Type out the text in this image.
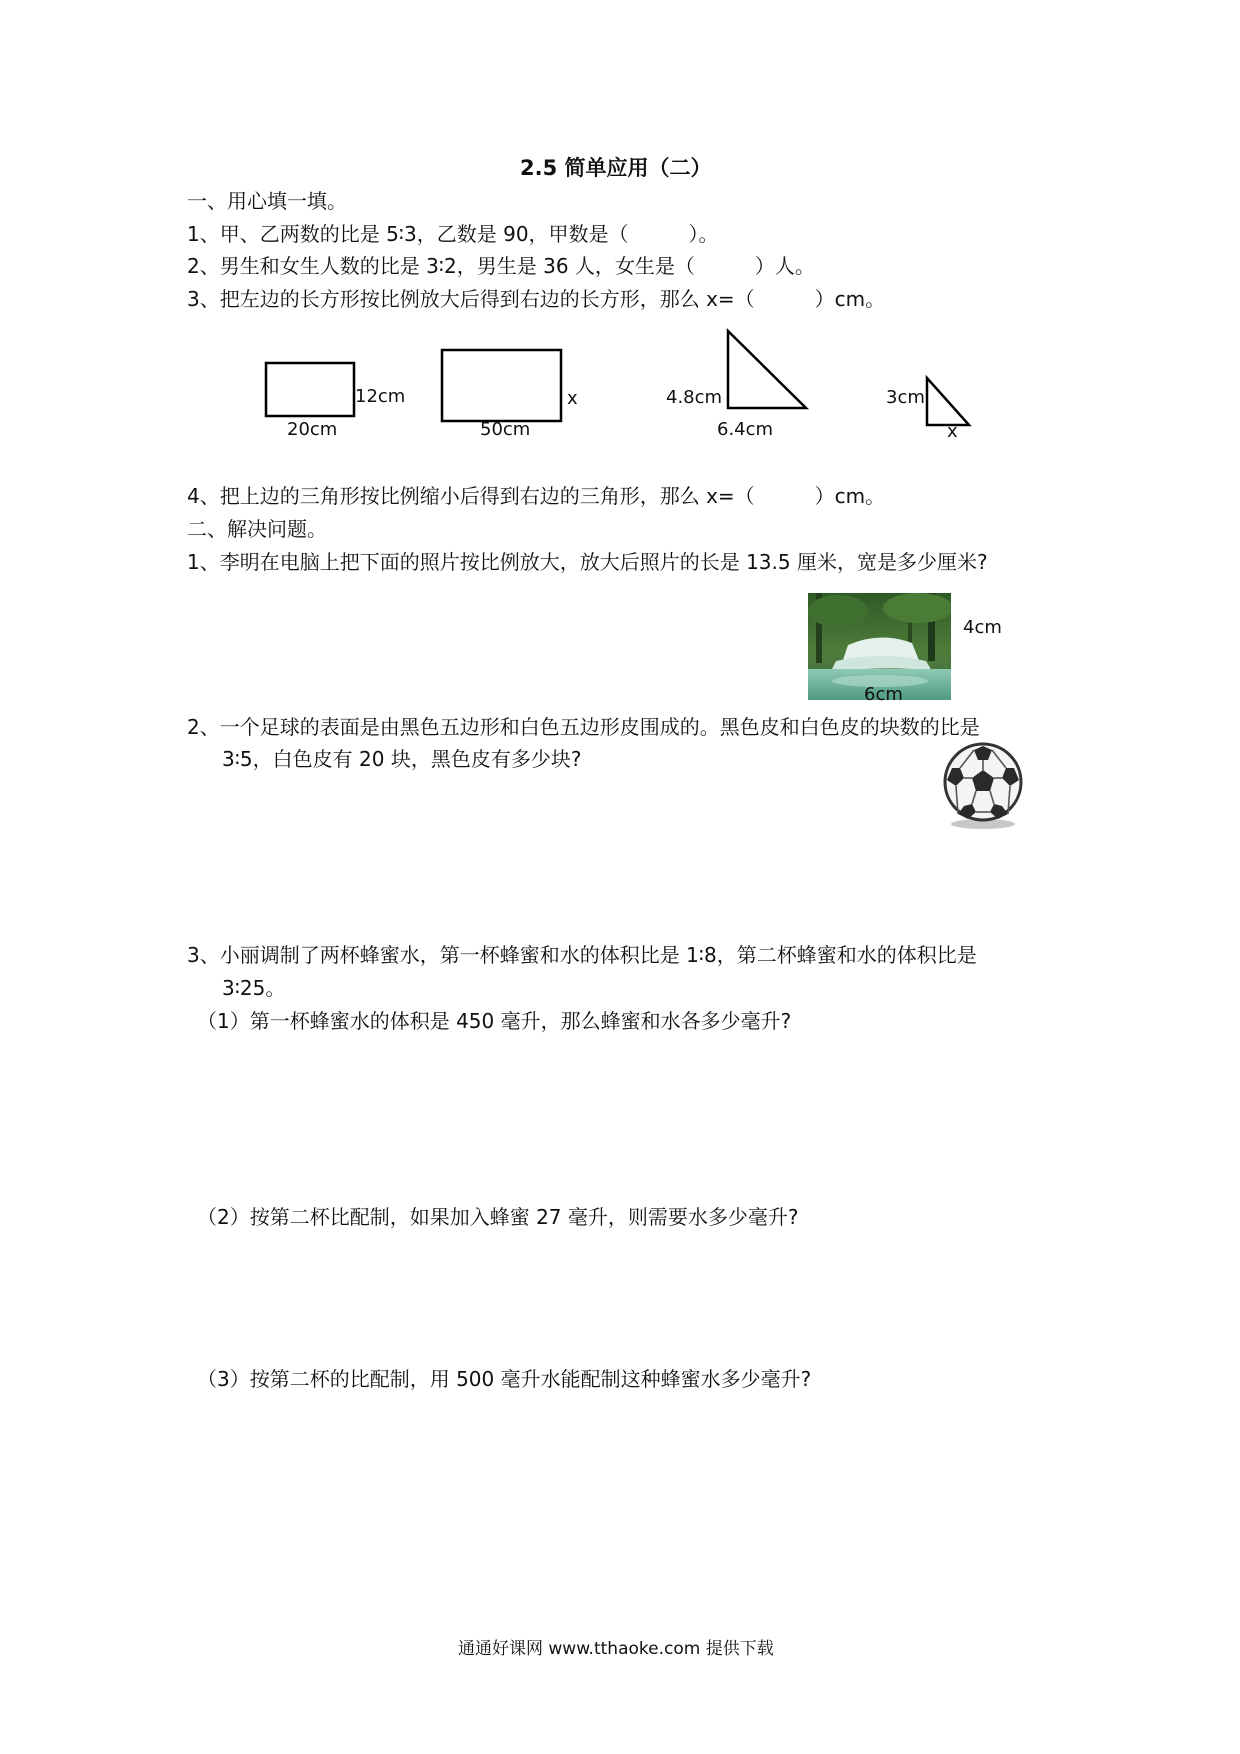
2.5 简单应用（二）
一、用心填一填。
1、甲、乙两数的比是 5∶3，乙数是 90，甲数是（　　　）。
2、男生和女生人数的比是 3∶2，男生是 36 人，女生是（　　　）人。
3、把左边的长方形按比例放大后得到右边的长方形，那么 x=（　　　）cm。
12cm
20cm
x
50cm
4.8cm
6.4cm
3cm
x
4、把上边的三角形按比例缩小后得到右边的三角形，那么 x=（　　　）cm。
二、解决问题。
1、李明在电脑上把下面的照片按比例放大，放大后照片的长是 13.5 厘米，宽是多少厘米?
4cm
6cm
2、一个足球的表面是由黑色五边形和白色五边形皮围成的。黑色皮和白色皮的块数的比是
3∶5，白色皮有 20 块，黑色皮有多少块?
3、小丽调制了两杯蜂蜜水，第一杯蜂蜜和水的体积比是 1∶8，第二杯蜂蜜和水的体积比是
3∶25。
（1）第一杯蜂蜜水的体积是 450 毫升，那么蜂蜜和水各多少毫升?
（2）按第二杯比配制，如果加入蜂蜜 27 毫升，则需要水多少毫升?
（3）按第二杯的比配制，用 500 毫升水能配制这种蜂蜜水多少毫升?
通通好课网 www.tthaoke.com 提供下载
